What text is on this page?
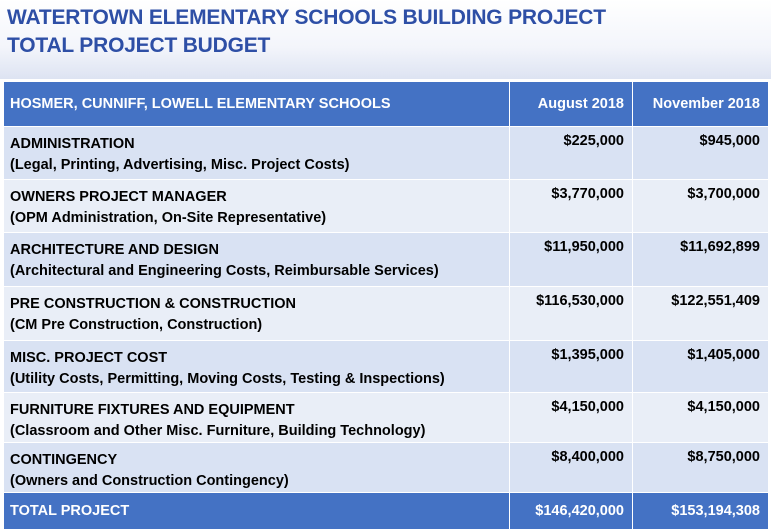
WATERTOWN ELEMENTARY SCHOOLS BUILDING PROJECT
TOTAL PROJECT BUDGET
HOSMER, CUNNIFF, LOWELL ELEMENTARY SCHOOLS	August 2018	November 2018

ADMINISTRATION
(Legal, Printing, Advertising, Misc. Project Costs)	$225,000	$945,000

OWNERS PROJECT MANAGER
(OPM Administration, On-Site Representative)	$3,770,000	$3,700,000

ARCHITECTURE AND DESIGN
(Architectural and Engineering Costs, Reimbursable Services)	$11,950,000	$11,692,899

PRE CONSTRUCTION & CONSTRUCTION
(CM Pre Construction, Construction)	$116,530,000	$122,551,409

MISC. PROJECT COST
(Utility Costs, Permitting, Moving Costs, Testing & Inspections)	$1,395,000	$1,405,000

FURNITURE FIXTURES AND EQUIPMENT
(Classroom and Other Misc. Furniture, Building Technology)	$4,150,000	$4,150,000

CONTINGENCY
(Owners and Construction Contingency)	$8,400,000	$8,750,000
TOTAL PROJECT	$146,420,000	$153,194,308
